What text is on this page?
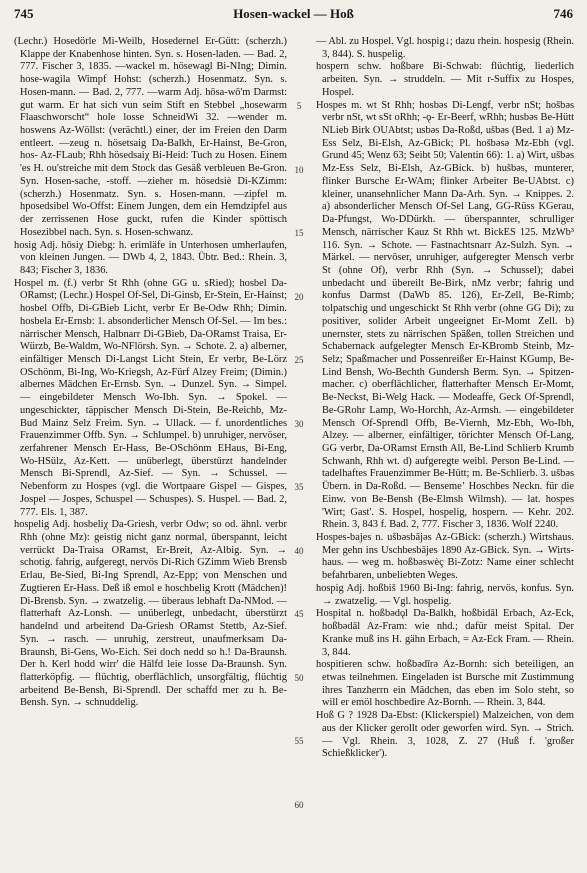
745	Hosen-wackel — Hoß	746

(Lechr.) Hosedörle Mi-Weilb, Hosedernel Er-Gütt: (scherzh.) Klappe der Knabenhose hinten. Syn. s. Hosen-laden. — Bad. 2, 777. Fischer 3, 1835. —wackel m. hösewagl Bi-NIng; Dimin. hose-wagila Wimpf Hohst: (scherzh.) Hosenmatz. Syn. s. Hosen-mann. — Bad. 2, 777. —warm Adj. hōsa-wō'm Darmst: gut warm. Er hat sich vun seim Stift en Stebbel „hosewarm Flaaschworscht“ hole losse Schneid​Wi 32. —wender m. hoswens Az-Wöllst: (verächtl.) einer, der im Freien den Darm entleert. —zeug n. hösetsaig Da-Balkh, Er-Hainst, Be-Gron, hos- Az-FLaub; Rhh hösedsaiχ Bi-Heid: Tuch zu Hosen. Einem 'es H. ou'streiche mit dem Stock das Gesäß verbleuen Be-Gron. Syn. Hosen-sache, -stoff. —zieher m. hösedsiè Di-KZimm: (scherzh.) Hosenmatz. Syn. s. Hosen-mann. —zipfel m. hposedsibel Wo-Offst: Einem Jungen, dem ein Hemdzipfel aus der zerrissenen Hose guckt, rufen die Kinder spöttisch Hosezibbel nach. Syn. s. Hosen-schwanz.

hosig Adj. hōsiχ Diebg: h. erimläfe in Unterhosen umherlaufen, von kleinen Jungen. — DWb 4, 2, 1843. Übtr. Bed.: Rhein. 3, 843; Fischer 3, 1836.

Hospel m. (f.) verbr St Rhh (ohne GG u. sRied); hosbel Da-ORamst; (Lechr.) Hospel Of-Sel, Di-Ginsb, Er-Stein, Er-Hainst; hosbel Offb, Di-GBieb Licht, verbr Er Be-Odw Rhh; Dimin. hosbela Er-Ernsb: 1. absonderlicher Mensch Of-Sel. — Im bes.: närrischer Mensch, Halbnarr Di-GBieb, Da-ORamst Traisa, Er-Würzb, Be-Waldm, Wo-NFlörsh. Syn. → Schote. 2. a) alberner, einfältiger Mensch Di-Langst Licht Stein, Er verbr, Be-Lörz OSchönm, Bi-Ing, Wo-Kriegsh, Az-Fürf Alzey Freim; (Dimin.) albernes Mädchen Er-Ernsb. Syn. → Dunzel. Syn. → Simpel. — eingebildeter Mensch Wo-Ibh. Syn. → Spokel. — ungeschickter, täppischer Mensch Di-Stein, Be-Reichb, Mz-Bud Mainz Selz Freim. Syn. → Ullack. — f. unordentliches Frauenzimmer Offb. Syn. → Schlumpel. b) unruhiger, nervöser, zerfahrener Mensch Er-Hass, Be-OSchönm EHaus, Bi-Eng, Wo-HSülz, Az-Kett. — unüberlegt, überstürzt handelnder Mensch Bi-Sprendl, Az-Sief. — Syn. → Schussel. — Nebenform zu Hospes (vgl. die Wortpaare Gispel — Gispes, Jospel — Jospes, Schuspel — Schuspes). S. Huspel. — Bad. 2, 777. Els. 1, 387.

hospelig Adj. hosbeliχ Da-Griesh, verbr Odw; so od. ähnl. verbr Rhh (ohne Mz): geistig nicht ganz normal, überspannt, leicht verrückt Da-Traisa ORamst, Er-Breit, Az-Albig. Syn. → schotig. fahrig, aufgeregt, nervös Di-Rich GZimm Wieb Brensb Erlau, Be-Sied, Bi-Ing Sprendl, Az-Epp; von Menschen und Zugtieren Er-Hass. Deß iß emol e hoschbelig Krott (Mädchen)! Di-Brensb. Syn. → zwatzelig. — überaus lebhaft Da-NMod. — flatterhaft Az-Lonsh. — unüberlegt, unbedacht, überstürzt handelnd und arbeitend Da-Griesh ORamst Stettb, Az-Sief. Syn. → rasch. — unruhig, zerstreut, unaufmerksam Da-Braunsh, Bi-Gens, Wo-Eich. Sei doch nedd so h.! Da-Braunsh. Der h. Kerl hodd wirr' die Hälfd leie losse Da-Braunsh. Syn. flatterköpfig. — flüchtig, oberflächlich, unsorgfältig, flüchtig arbeitend Be-Bensh, Bi-Sprendl. Der schaffd mer zu h. Be-Bensh. Syn. → schnuddelig.

5
10
15
20
25
30
35
40
45
50
55
60

— Abl. zu Hospel. Vgl. hospig↓; dazu rhein. hospesig (Rhein. 3, 844). S. huspelig.

hospern schw. hoßbəre Bi-Schwab: flüchtig, liederlich arbeiten. Syn. → struddeln. — Mit r-Suffix zu Hospes, Hospel.

Hospes m. wt St Rhh; hosbəs Di-Lengf, verbr nSt; hošbəs verbr nSt, wt sSt oRhh; -ǫ- Er-Beerf, wRhh; husbəs Be-Hütt NLieb Birk OUAbtst; usbəs Da-Roßd, ušbəs (Bed. 1 a) Mz-Ess Selz, Bi-Elsh, Az-GBick; Pl. hošbəsə Mz-Ebh (vgl. Grund 45; Wenz 63; Seibt 50; Valentin 66): 1. a) Wirt, ušbəs Mz-Ess Selz, Bi-Elsh, Az-GBick. b) hušbəs, munterer, flinker Bursche Er-WAm; flinker Arbeiter Be-UAbtst. c) kleiner, unansehnlicher Mann Da-Arh. Syn. → Knippes. 2. a) absonderlicher Mensch Of-Sel Lang, GG-Rüss KGerau, Da-Pfungst, Wo-DDürkh. — überspannter, schrulliger Mensch, närrischer Kauz St Rhh wt. BickES 125. MzWb³ 116. Syn. → Schote. — Fastnachtsnarr Az-Sulzh. Syn. → Märkel. — nervöser, unruhiger, aufgeregter Mensch verbr St (ohne Of), verbr Rhh (Syn. → Schussel); dabei unbedacht und übereilt Be-Birk, nMz verbr; fahrig und konfus Darmst (DaWb 85. 126), Er-Zell, Be-Rimb; tolpatschig und ungeschickt St Rhh verbr (ohne GG Di); zu positiver, solider Arbeit ungeeignet Er-Momt Zell. b) unernster, stets zu närrischen Späßen, tollen Streichen und Schabernack aufgelegter Mensch Er-KBromb Steinb, Mz-Selz; Spaßmacher und Possenreißer Er-Hainst KGump, Be-Lind Bensh, Wo-Bechth Gundersh Berm. Syn. → Spitzen-macher. c) oberflächlicher, flatterhafter Mensch Er-Momt, Be-Neckst, Bi-Welg Hack. — Modeaffe, Geck Of-Sprendl, Be-GRohr Lamp, Wo-Horchh, Az-Armsh. — eingebildeter Mensch Of-Sprendl Offb, Be-Viernh, Mz-Ebh, Wo-Ibh, Alzey. — alberner, einfältiger, törichter Mensch Of-Lang, GG verbr, Da-ORamst Ernsth All, Be-Lind Schlierb Krumb Schwanh, Rhh wt. d) aufgeregte weibl. Person Be-Lind. — tadelhaftes Frauenzimmer Be-Hütt; m. Be-Schlierb. 3. ušbəs Übern. in Da-Roßd. — Bensemeʼ Hoschbes Neckn. für die Einw. von Be-Bensh (Be-Elmsh Wilmsh). — lat. hospes 'Wirt; Gast'. S. Hospel, hospelig, hospern. — Kehr. 202. Rhein. 3, 843 f. Bad. 2, 777. Fischer 3, 1836. Wolf 2240.

Hospes-bajes n. ušbəsbājəs Az-GBick: (scherzh.) Wirtshaus. Mer gehn ins Uschbesbājes 1890 Az-GBick. Syn. → Wirts-haus. — weg m. hoßbəswèç Bi-Zotz: Name einer schlecht befahrbaren, unbeliebten Weges.

hospig Adj. hoßbiš 1960 Bi-Ing: fahrig, nervös, konfus. Syn. → zwatzelig. — Vgl. hospelig.

Hospital n. hoßbədǫl Da-Balkh, hoßbidāl Erbach, Az-Eck, hoßbədāl Az-Fram: wie nhd.; dafür meist Spital. Der Kranke muß ins H. gähn Erbach, = Az-Eck Fram. — Rhein. 3, 844.

hospitieren schw. hoßbədīrə Az-Bornh: sich beteiligen, an etwas teilnehmen. Eingeladen ist Bursche mit Zustimmung ihres Tanzherrn ein Mädchen, das eben im Solo steht, so will er emöl hoschbedire Az-Bornh. — Rhein. 3, 844.

Hoß G ? 1928 Da-Ebst: (Klickerspiel) Malzeichen, von dem aus der Klicker gerollt oder geworfen wird. Syn. → Strich. — Vgl. Rhein. 3, 1028, Z. 27 (Huß f. 'großer Schießklicker').
